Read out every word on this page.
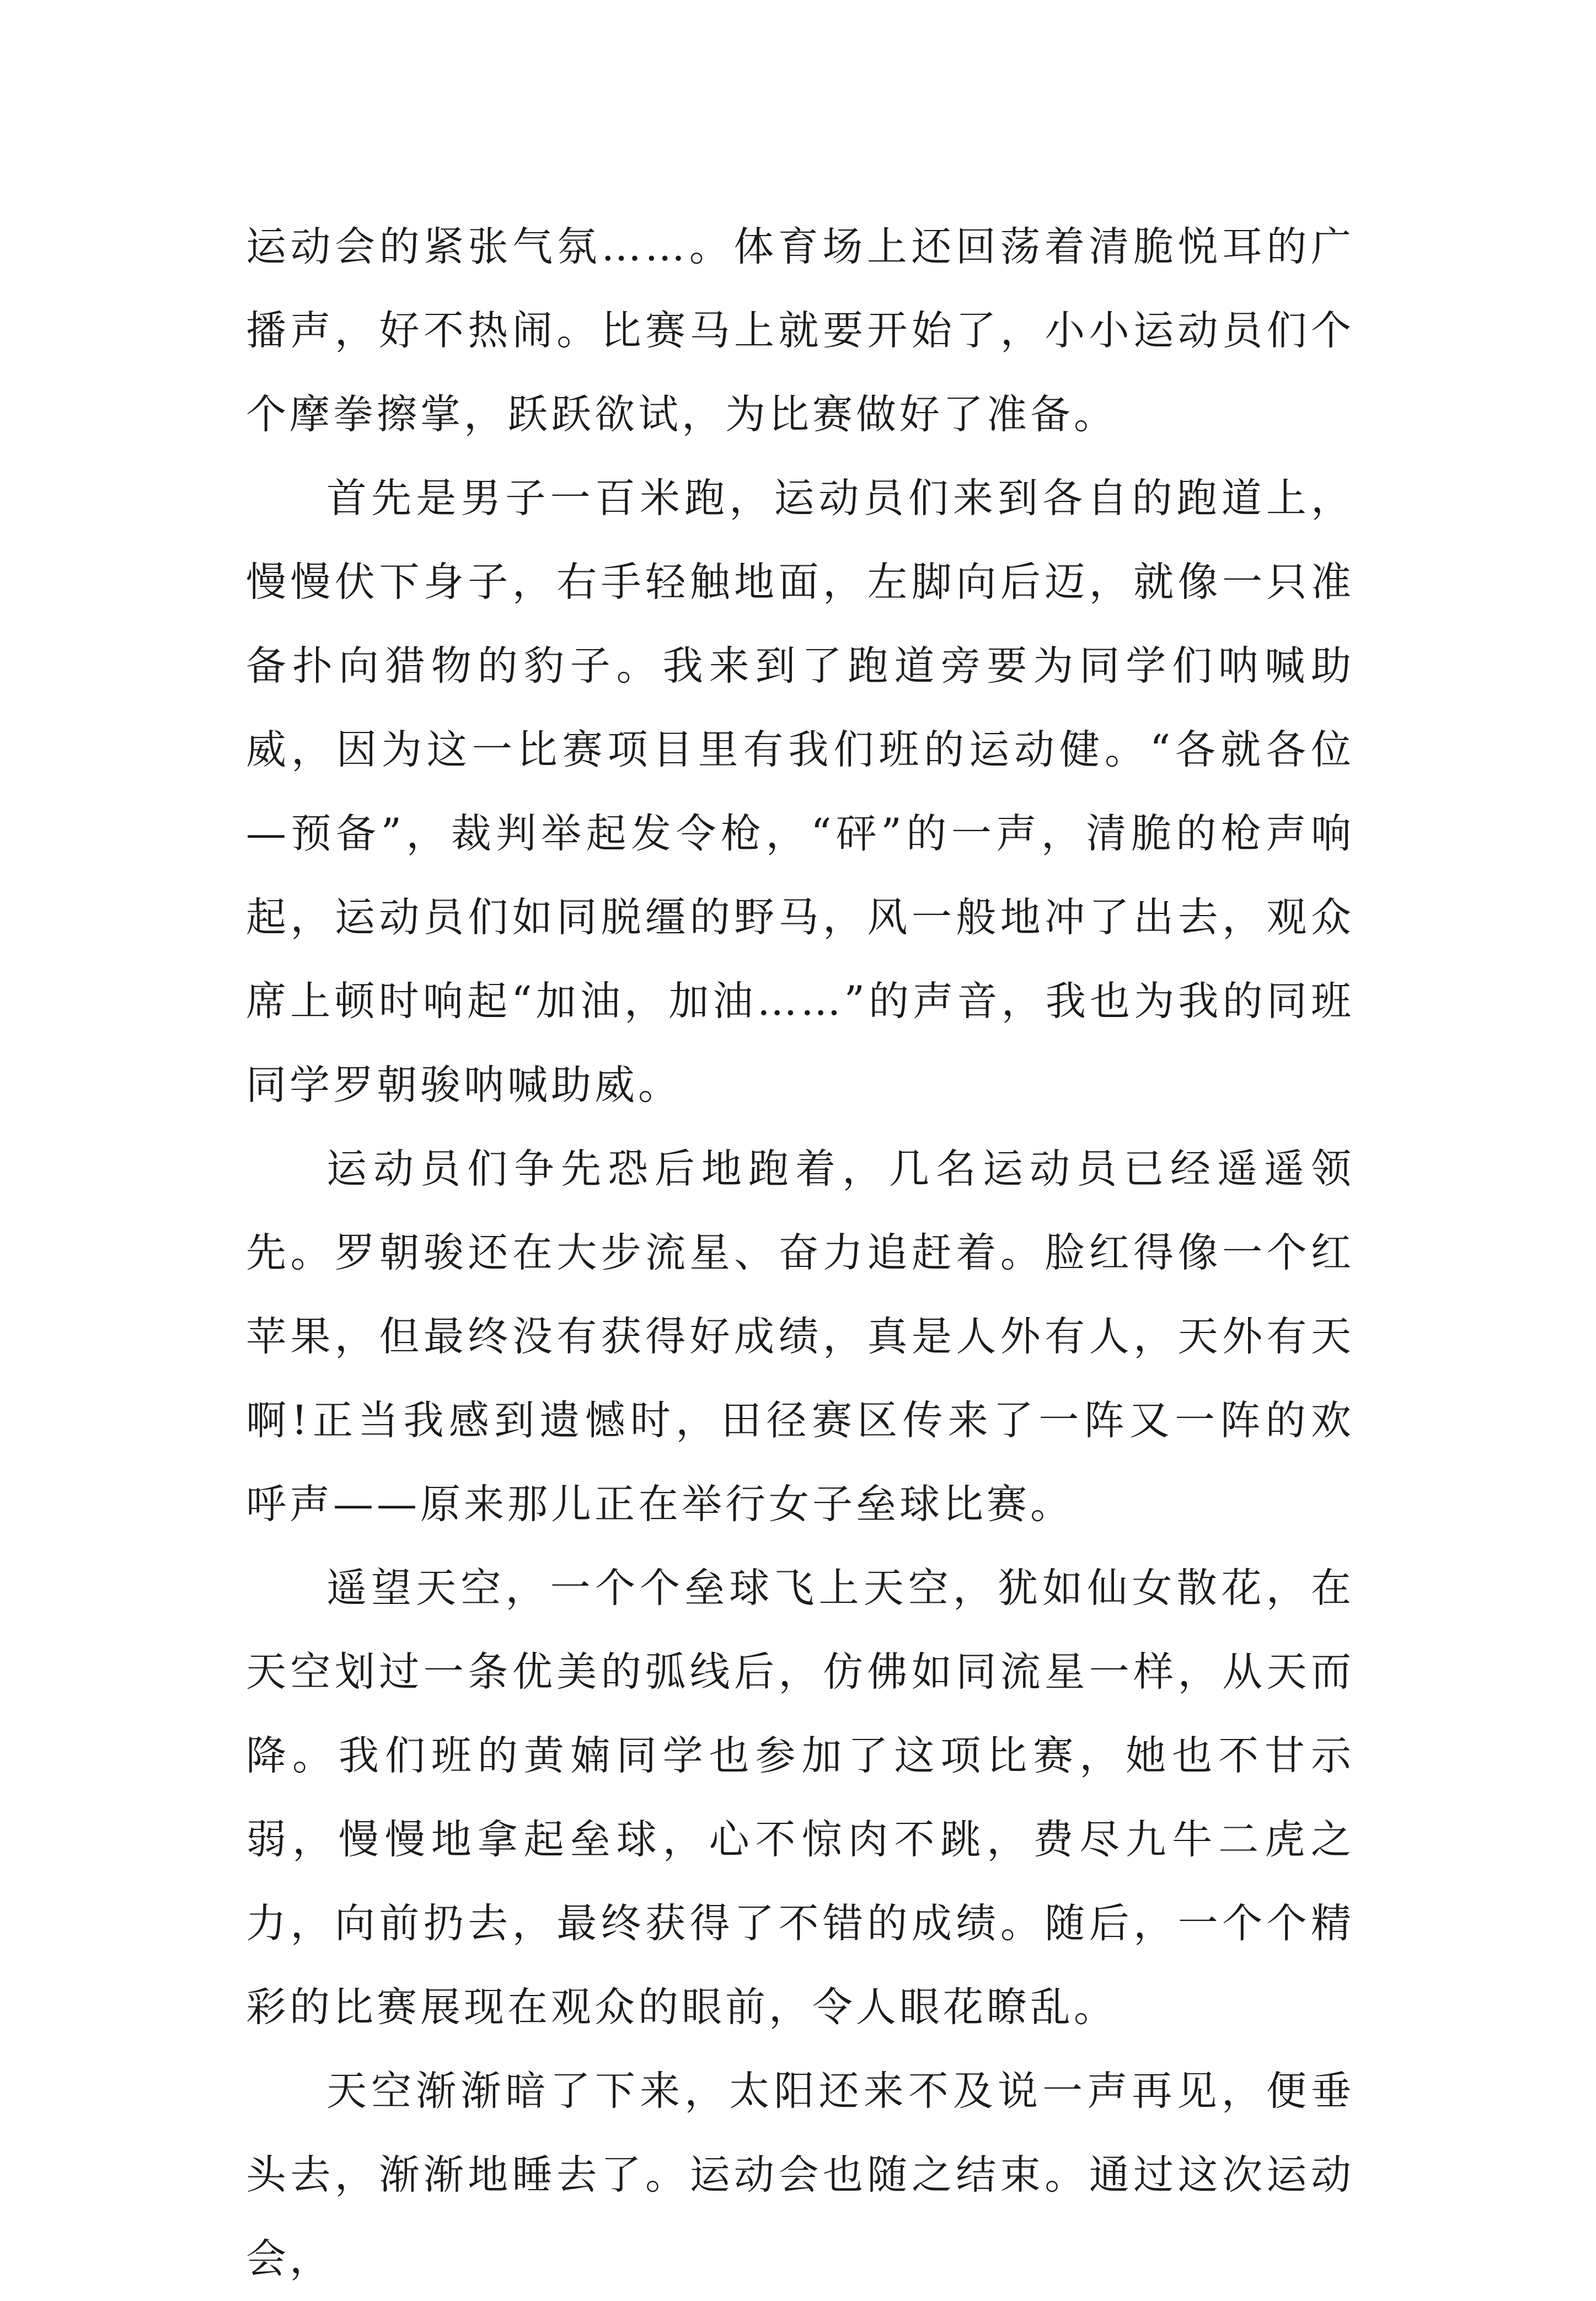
运动会的紧张气氛……。体育场上还回荡着清脆悦耳的广播声，好不热闹。比赛马上就要开始了，小小运动员们个个摩拳擦掌，跃跃欲试，为比赛做好了准备。

首先是男子一百米跑，运动员们来到各自的跑道上，慢慢伏下身子，右手轻触地面，左脚向后迈，就像一只准备扑向猎物的豹子。我来到了跑道旁要为同学们呐喊助威，因为这一比赛项目里有我们班的运动健。“各就各位—预备”，裁判举起发令枪，“砰”的一声，清脆的枪声响起，运动员们如同脱缰的野马，风一般地冲了出去，观众席上顿时响起“加油，加油……”的声音，我也为我的同班同学罗朝骏呐喊助威。

运动员们争先恐后地跑着，几名运动员已经遥遥领先。罗朝骏还在大步流星、奋力追赶着。脸红得像一个红苹果，但最终没有获得好成绩，真是人外有人，天外有天啊!正当我感到遗憾时，田径赛区传来了一阵又一阵的欢呼声——原来那儿正在举行女子垒球比赛。

遥望天空，一个个垒球飞上天空，犹如仙女散花，在天空划过一条优美的弧线后，仿佛如同流星一样，从天而降。我们班的黄婻同学也参加了这项比赛，她也不甘示弱，慢慢地拿起垒球，心不惊肉不跳，费尽九牛二虎之力，向前扔去，最终获得了不错的成绩。随后，一个个精彩的比赛展现在观众的眼前，令人眼花瞭乱。

天空渐渐暗了下来，太阳还来不及说一声再见，便垂头去，渐渐地睡去了。运动会也随之结束。通过这次运动会，
